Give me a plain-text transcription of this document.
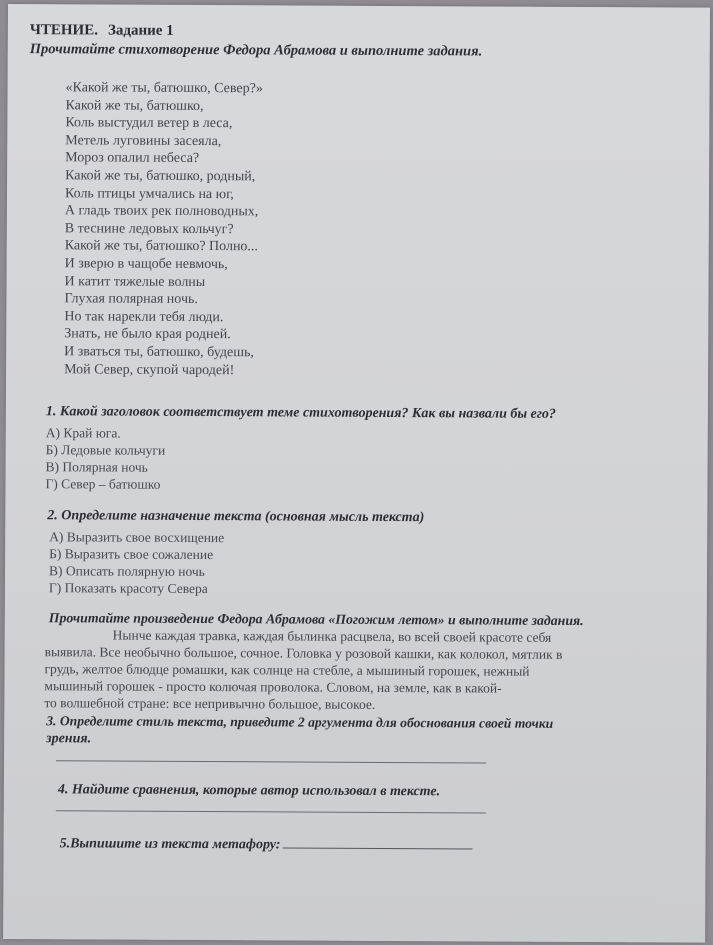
ЧТЕНИЕ. Задание 1
Прочитайте стихотворение Федора Абрамова и выполните задания.
«Какой же ты, батюшко, Север?»
Какой же ты, батюшко,
Коль выстудил ветер в леса,
Метель луговины засеяла,
Мороз опалил небеса?
Какой же ты, батюшко, родный,
Коль птицы умчались на юг,
А гладь твоих рек полноводных,
В теснине ледовых кольчуг?
Какой же ты, батюшко? Полно...
И зверю в чащобе невмочь,
И катит тяжелые волны
Глухая полярная ночь.
Но так нарекли тебя люди.
Знать, не было края родней.
И зваться ты, батюшко, будешь,
Мой Север, скупой чародей!
1. Какой заголовок соответствует теме стихотворения? Как вы назвали бы его?
А) Край юга.
Б) Ледовые кольчуги
В) Полярная ночь
Г) Север – батюшко
2. Определите назначение текста (основная мысль текста)
А) Выразить свое восхищение
Б) Выразить свое сожаление
В) Описать полярную ночь
Г) Показать красоту Севера
Прочитайте произведение Федора Абрамова «Погожим летом» и выполните задания.
Нынче каждая травка, каждая былинка расцвела, во всей своей красоте себя
выявила. Все необычно большое, сочное. Головка у розовой кашки, как колокол, мятлик в
грудь, желтое блюдце ромашки, как солнце на стебле, а мышиный горошек, нежный
мышиный горошек - просто колючая проволока. Словом, на земле, как в какой-
то волшебной стране: все непривычно большое, высокое.
3. Определите стиль текста, приведите 2 аргумента для обоснования своей точки
зрения.
4. Найдите сравнения, которые автор использовал в тексте.
5.Выпишите из текста метафору:
